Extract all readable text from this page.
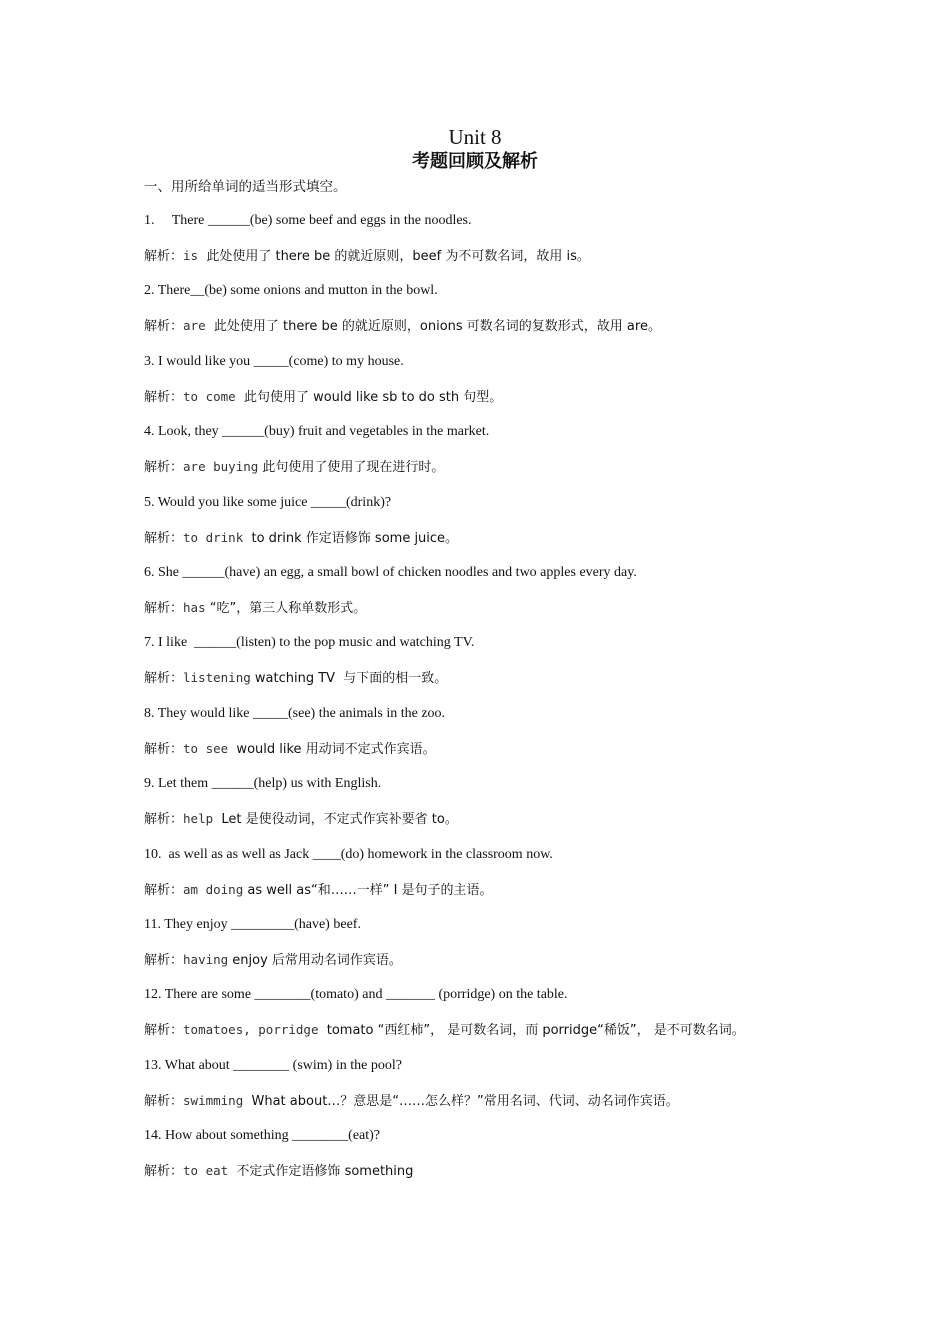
Unit 8
考题回顾及解析
一、用所给单词的适当形式填空。
1.     There ______(be) some beef and eggs in the noodles.
解析：is  此处使用了 there be 的就近原则，beef 为不可数名词，故用 is。
2. There__(be) some onions and mutton in the bowl.
解析：are  此处使用了 there be 的就近原则，onions 可数名词的复数形式，故用 are。
3. I would like you _____(come) to my house.
解析：to come  此句使用了 would like sb to do sth 句型。
4. Look, they ______(buy) fruit and vegetables in the market.
解析：are buying 此句使用了使用了现在进行时。
5. Would you like some juice _____(drink)?
解析：to drink  to drink 作定语修饰 some juice。
6. She ______(have) an egg, a small bowl of chicken noodles and two apples every day.
解析：has “吃”，第三人称单数形式。
7. I like  ______(listen) to the pop music and watching TV.
解析：listening watching TV  与下面的相一致。
8. They would like _____(see) the animals in the zoo.
解析：to see  would like 用动词不定式作宾语。
9. Let them ______(help) us with English.
解析：help  Let 是使役动词，不定式作宾补要省 to。
10.  as well as as well as Jack ____(do) homework in the classroom now.
解析：am doing as well as“和……一样” I 是句子的主语。
11. They enjoy _________(have) beef.
解析：having enjoy 后常用动名词作宾语。
12. There are some ________(tomato) and _______ (porridge) on the table.
解析：tomatoes, porridge  tomato “西红柿”， 是可数名词，而 porridge“稀饭”， 是不可数名词。
13. What about ________ (swim) in the pool?
解析：swimming  What about…？意思是“……怎么样？”常用名词、代词、动名词作宾语。
14. How about something ________(eat)?
解析：to eat  不定式作定语修饰 something
